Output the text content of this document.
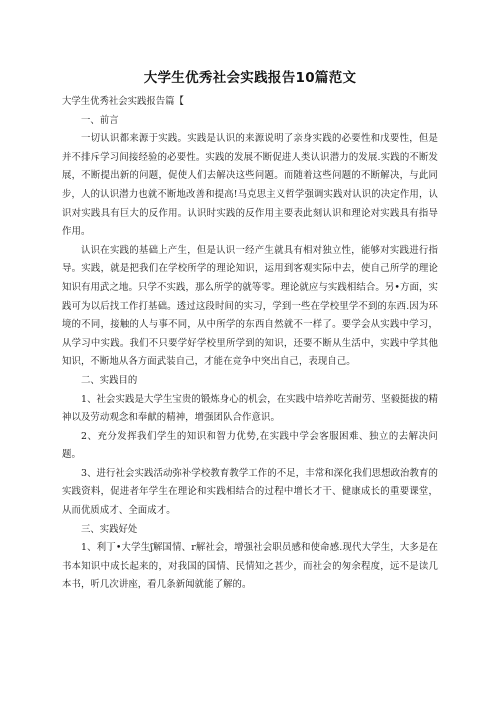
大学生优秀社会实践报告10篇范文

大学生优秀社会实践报告篇【

一、前言

一切认识都来源于实践。实践是认识的来源说明了亲身实践的必要性和戊要性，但是并不排斥学习间接经验的必要性。实践的发展不断促进人类认识潜力的发展.实践的不断发展，不断提出新的问题，促使人们去解决这些问题。而随着这些问题的不断解决，与此同步，人的认识潜力也就不断地改善和提高!马克思主义哲学强调实践对认识的决定作用，认识对实践具有巨大的反作用。认识时实践的反作用主要表此刻认识和理论对实践具有指导作用。

认识在实践的基础上产生，但是认识一经产生就具有相对独立性，能够对实践进行指导。实践，就是把我们在学校所学的理论知识，运用到客观实际中去，使自己所学的理论知识有用武之地。只学不实践，那么所学的就等零。理论就应与实践相结合。另•方面，实践可为以后找工作打基础。透过这段时间的实习，学到一些在学校里学不到的东西.因为环境的不同，接触的人与事不同，从中所学的东西自然就不一样了。要学会从实践中学习，从学习中实践。我们不只要学好学校里所学到的知识，还要不断从生活中，实践中学其他知识，不断地从各方面武装自己，才能在竞争中突出自己，表现自己。

二、实践目的

1、社会实践是大学生宝贵的锻炼身心的机会，在实践中培养吃苦耐劳、坚毅挺拔的精神以及劳动观念和奉献的精神，增强团队合作意识。

2、充分发挥我们学生的知识和智力优势,在实践中学会客服困难、独立的去解决问题。

3、进行社会实践活动弥补学校教育教学工作的不足，丰常和深化我们思想政治教育的实践资料，促进者年学生在理论和实践相结合的过程中增长才干、健康成长的重要课堂，从而优质成才、全面成才。

三、实践好处

1、利丁•大学生ʃ解国情、r解社会，增强社会职员感和使命感.现代大学生，大多是在书本知识中成长起来的，对我国的国情、民情知之甚少，而社会的匆余程度，远不是读几本书，听几次讲座，看几条新闻就能了解的。
